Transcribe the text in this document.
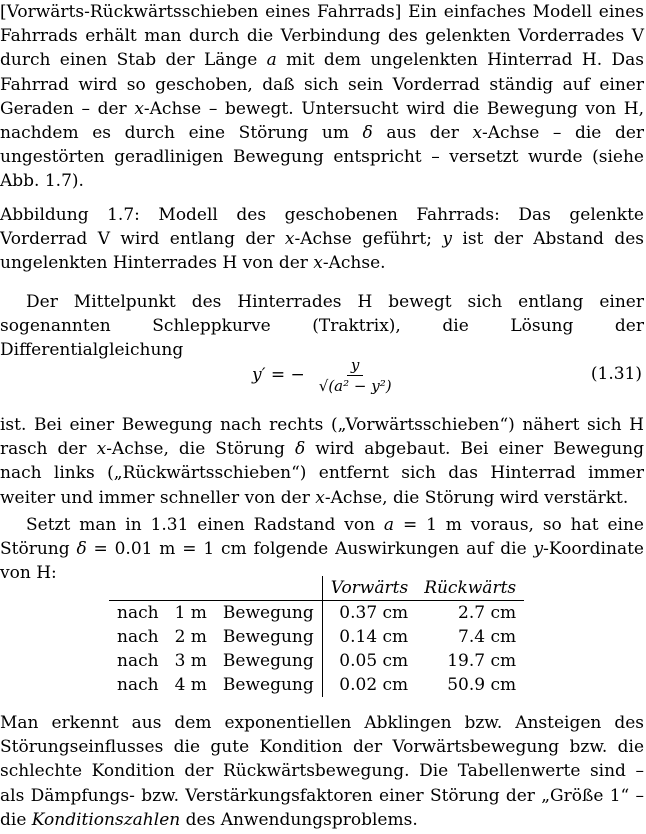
[Vorwärts-Rückwärtsschieben eines Fahrrads] Ein einfaches Modell eines Fahrrads erhält man durch die Verbindung des gelenkten Vorderrades V durch einen Stab der Länge a mit dem ungelenkten Hinterrad H. Das Fahrrad wird so geschoben, daß sich sein Vorderrad ständig auf einer Geraden – der x-Achse – bewegt. Untersucht wird die Bewegung von H, nachdem es durch eine Störung um δ aus der x-Achse – die der ungestörten geradlinigen Bewegung entspricht – versetzt wurde (siehe Abb. 1.7).

Abbildung 1.7: Modell des geschobenen Fahrrads: Das gelenkte Vorderrad V wird entlang der x-Achse geführt; y ist der Abstand des ungelenkten Hinterrades H von der x-Achse.

Der Mittelpunkt des Hinterrades H bewegt sich entlang einer sogenannten Schleppkurve (Traktrix), die Lösung der Differentialgleichung

y′ = − $\frac{y}{\text{√(a² − y²)}}$	(1.31)

ist. Bei einer Bewegung nach rechts („Vorwärtsschieben“) nähert sich H rasch der x-Achse, die Störung δ wird abgebaut. Bei einer Bewegung nach links („Rückwärtsschieben“) entfernt sich das Hinterrad immer weiter und immer schneller von der x-Achse, die Störung wird verstärkt.

Setzt man in 1.31 einen Radstand von a = 1 m voraus, so hat eine Störung δ = 0.01 m = 1 cm folgende Auswirkungen auf die y-Koordinate von H:

			Vorwärts	Rückwärts
nach	1 m	Bewegung	0.37 cm	2.7 cm
nach	2 m	Bewegung	0.14 cm	7.4 cm
nach	3 m	Bewegung	0.05 cm	19.7 cm
nach	4 m	Bewegung	0.02 cm	50.9 cm

Man erkennt aus dem exponentiellen Abklingen bzw. Ansteigen des Störungseinflusses die gute Kondition der Vorwärtsbewegung bzw. die schlechte Kondition der Rückwärtsbewegung. Die Tabellenwerte sind – als Dämpfungs- bzw. Verstärkungsfaktoren einer Störung der „Größe 1“ – die Konditionszahlen des Anwendungsproblems.
